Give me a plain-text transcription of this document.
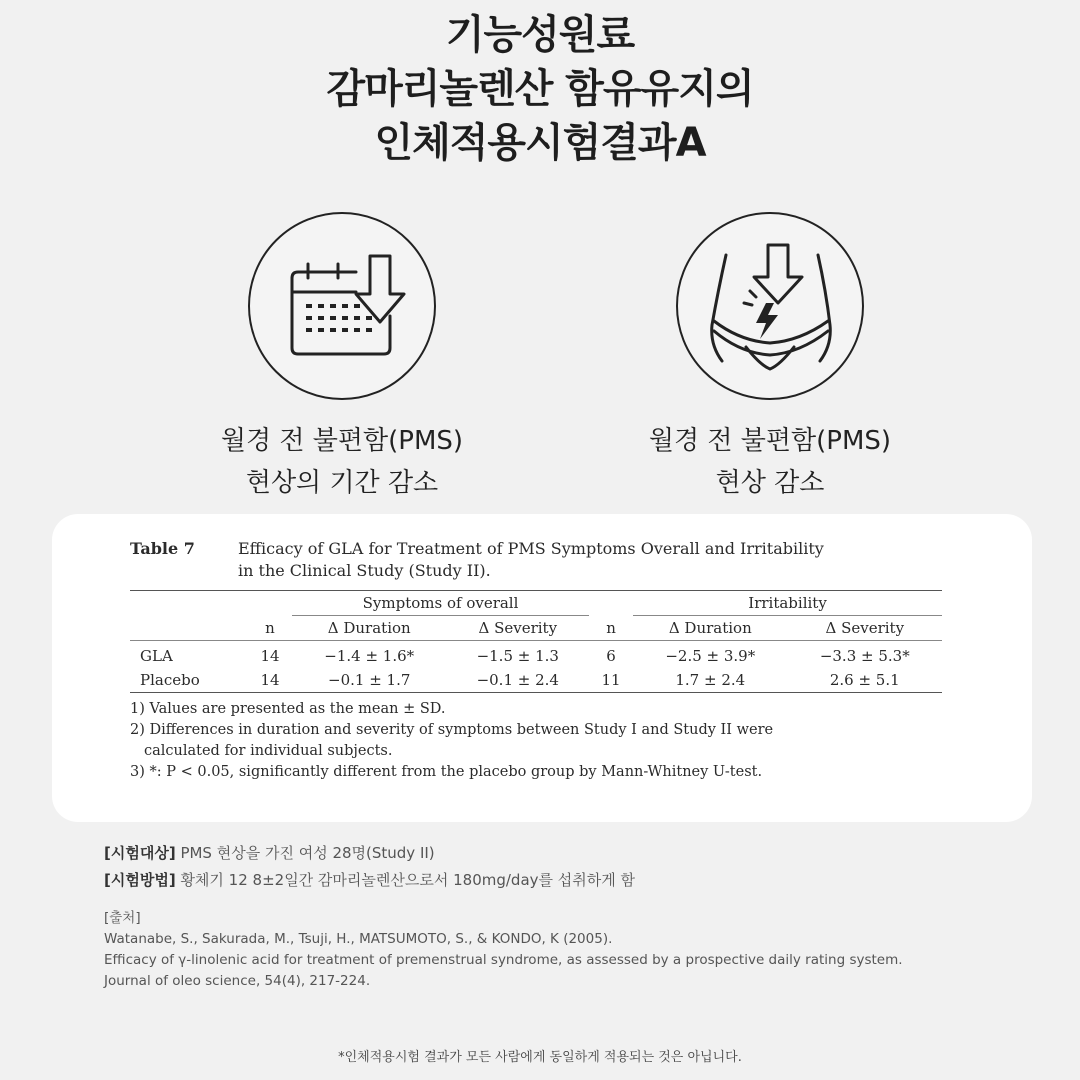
기능성원료
감마리놀렌산 함유유지의
인체적용시험결과A
월경 전 불편함(PMS)
현상의 기간 감소
월경 전 불편함(PMS)
현상 감소
Table 7	Efficacy of GLA for Treatment of PMS Symptoms Overall and Irritability
in the Clinical Study (Study II).
		Symptoms of overall			Irritability	
	n	Δ Duration	Δ Severity	n	Δ Duration	Δ Severity
GLA	14	−1.4 ± 1.6*	−1.5 ± 1.3	6	−2.5 ± 3.9*	−3.3 ± 5.3*
Placebo	14	−0.1 ± 1.7	−0.1 ± 2.4	11	1.7 ± 2.4	2.6 ± 5.1
1) Values are presented as the mean ± SD.
2) Differences in duration and severity of symptoms between Study I and Study II were
calculated for individual subjects.
3) *: P < 0.05, significantly different from the placebo group by Mann-Whitney U-test.
[시험대상] PMS 현상을 가진 여성 28명(Study II)
[시험방법] 황체기 12 8±2일간 감마리놀렌산으로서 180mg/day를 섭취하게 함
[출처]
Watanabe, S., Sakurada, M., Tsuji, H., MATSUMOTO, S., & KONDO, K (2005).
Efficacy of γ-linolenic acid for treatment of premenstrual syndrome, as assessed by a prospective daily rating system.
Journal of oleo science, 54(4), 217-224.
*인체적용시험 결과가 모든 사람에게 동일하게 적용되는 것은 아닙니다.
